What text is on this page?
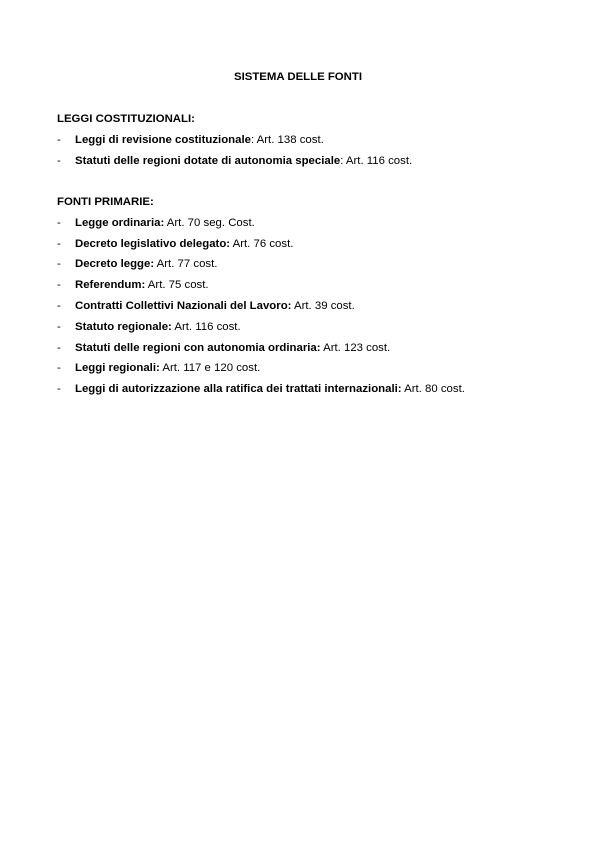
SISTEMA DELLE FONTI
LEGGI COSTITUZIONALI:
- Leggi di revisione costituzionale: Art. 138 cost.
- Statuti delle regioni dotate di autonomia speciale: Art. 116 cost.
FONTI PRIMARIE:
- Legge ordinaria: Art. 70 seg. Cost.
- Decreto legislativo delegato: Art. 76 cost.
- Decreto legge: Art. 77 cost.
- Referendum: Art. 75 cost.
- Contratti Collettivi Nazionali del Lavoro: Art. 39 cost.
- Statuto regionale: Art. 116 cost.
- Statuti delle regioni con autonomia ordinaria: Art. 123 cost.
- Leggi regionali: Art. 117 e 120 cost.
- Leggi di autorizzazione alla ratifica dei trattati internazionali: Art. 80 cost.
